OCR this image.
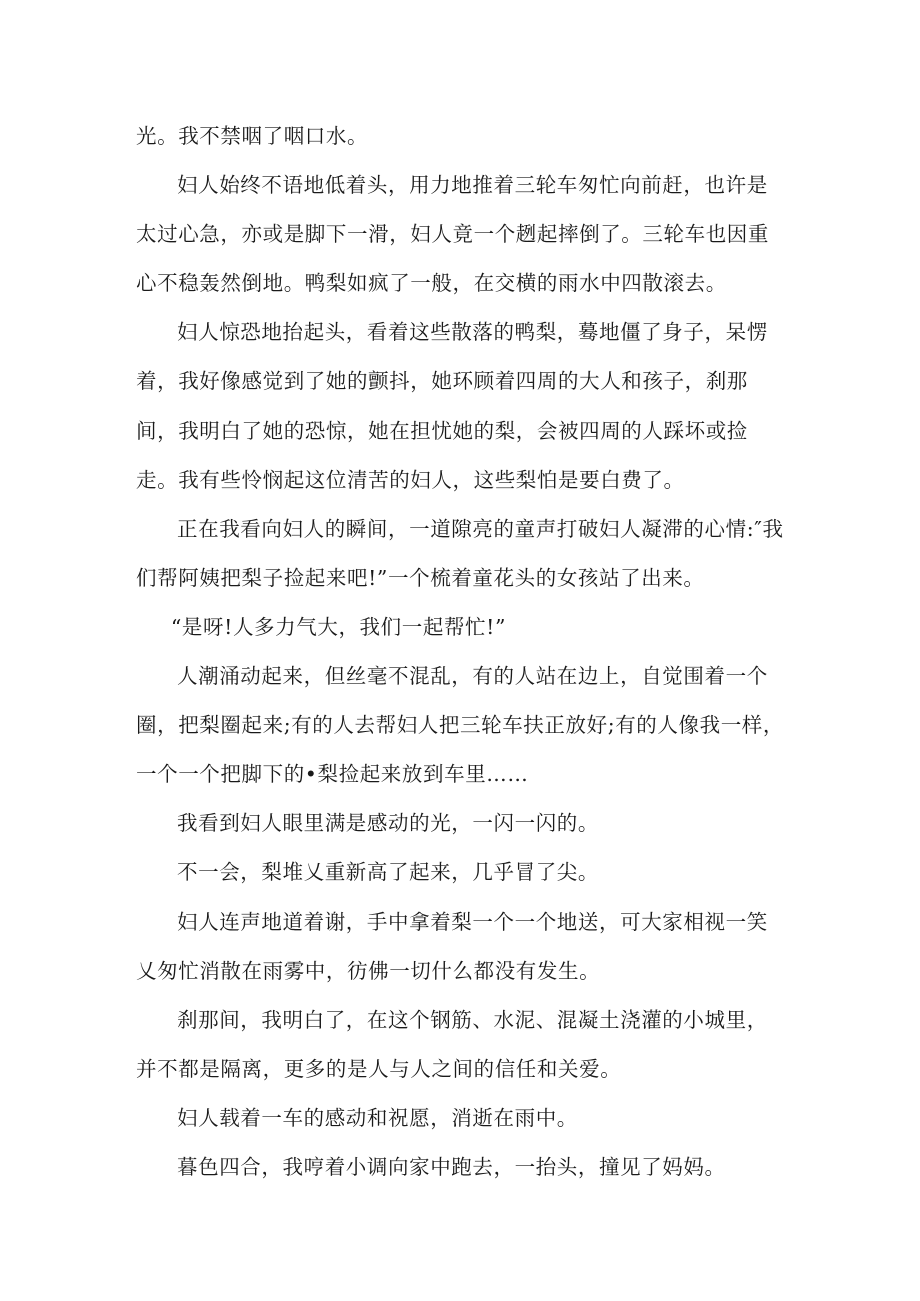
光。我不禁咽了咽口水。

妇人始终不语地低着头，用力地推着三轮车匆忙向前赶，也许是太过心急，亦或是脚下一滑，妇人竟一个趔起摔倒了。三轮车也因重心不稳轰然倒地。鸭梨如疯了一般，在交横的雨水中四散滚去。

妇人惊恐地抬起头，看着这些散落的鸭梨，蓦地僵了身子，呆愣着，我好像感觉到了她的颤抖，她环顾着四周的大人和孩子，刹那间，我明白了她的恐惊，她在担忧她的梨，会被四周的人踩坏或捡走。我有些怜悯起这位清苦的妇人，这些梨怕是要白费了。

正在我看向妇人的瞬间，一道隙亮的童声打破妇人凝滞的心情:″我们帮阿姨把梨子捡起来吧!”一个梳着童花头的女孩站了出来。

“是呀!人多力气大，我们一起帮忙!”

人潮涌动起来，但丝毫不混乱，有的人站在边上，自觉围着一个圈，把梨圈起来;有的人去帮妇人把三轮车扶正放好;有的人像我一样，一个一个把脚下的•梨捡起来放到车里……

我看到妇人眼里满是感动的光，一闪一闪的。

不一会，梨堆乂重新高了起来，几乎冒了尖。

妇人连声地道着谢，手中拿着梨一个一个地送，可大家相视一笑乂匆忙消散在雨雾中，彷佛一切什么都没有发生。

刹那间，我明白了，在这个钢筋、水泥、混凝土浇灌的小城里，并不都是隔离，更多的是人与人之间的信任和关爱。

妇人载着一车的感动和祝愿，消逝在雨中。

暮色四合，我哼着小调向家中跑去，一抬头，撞见了妈妈。
